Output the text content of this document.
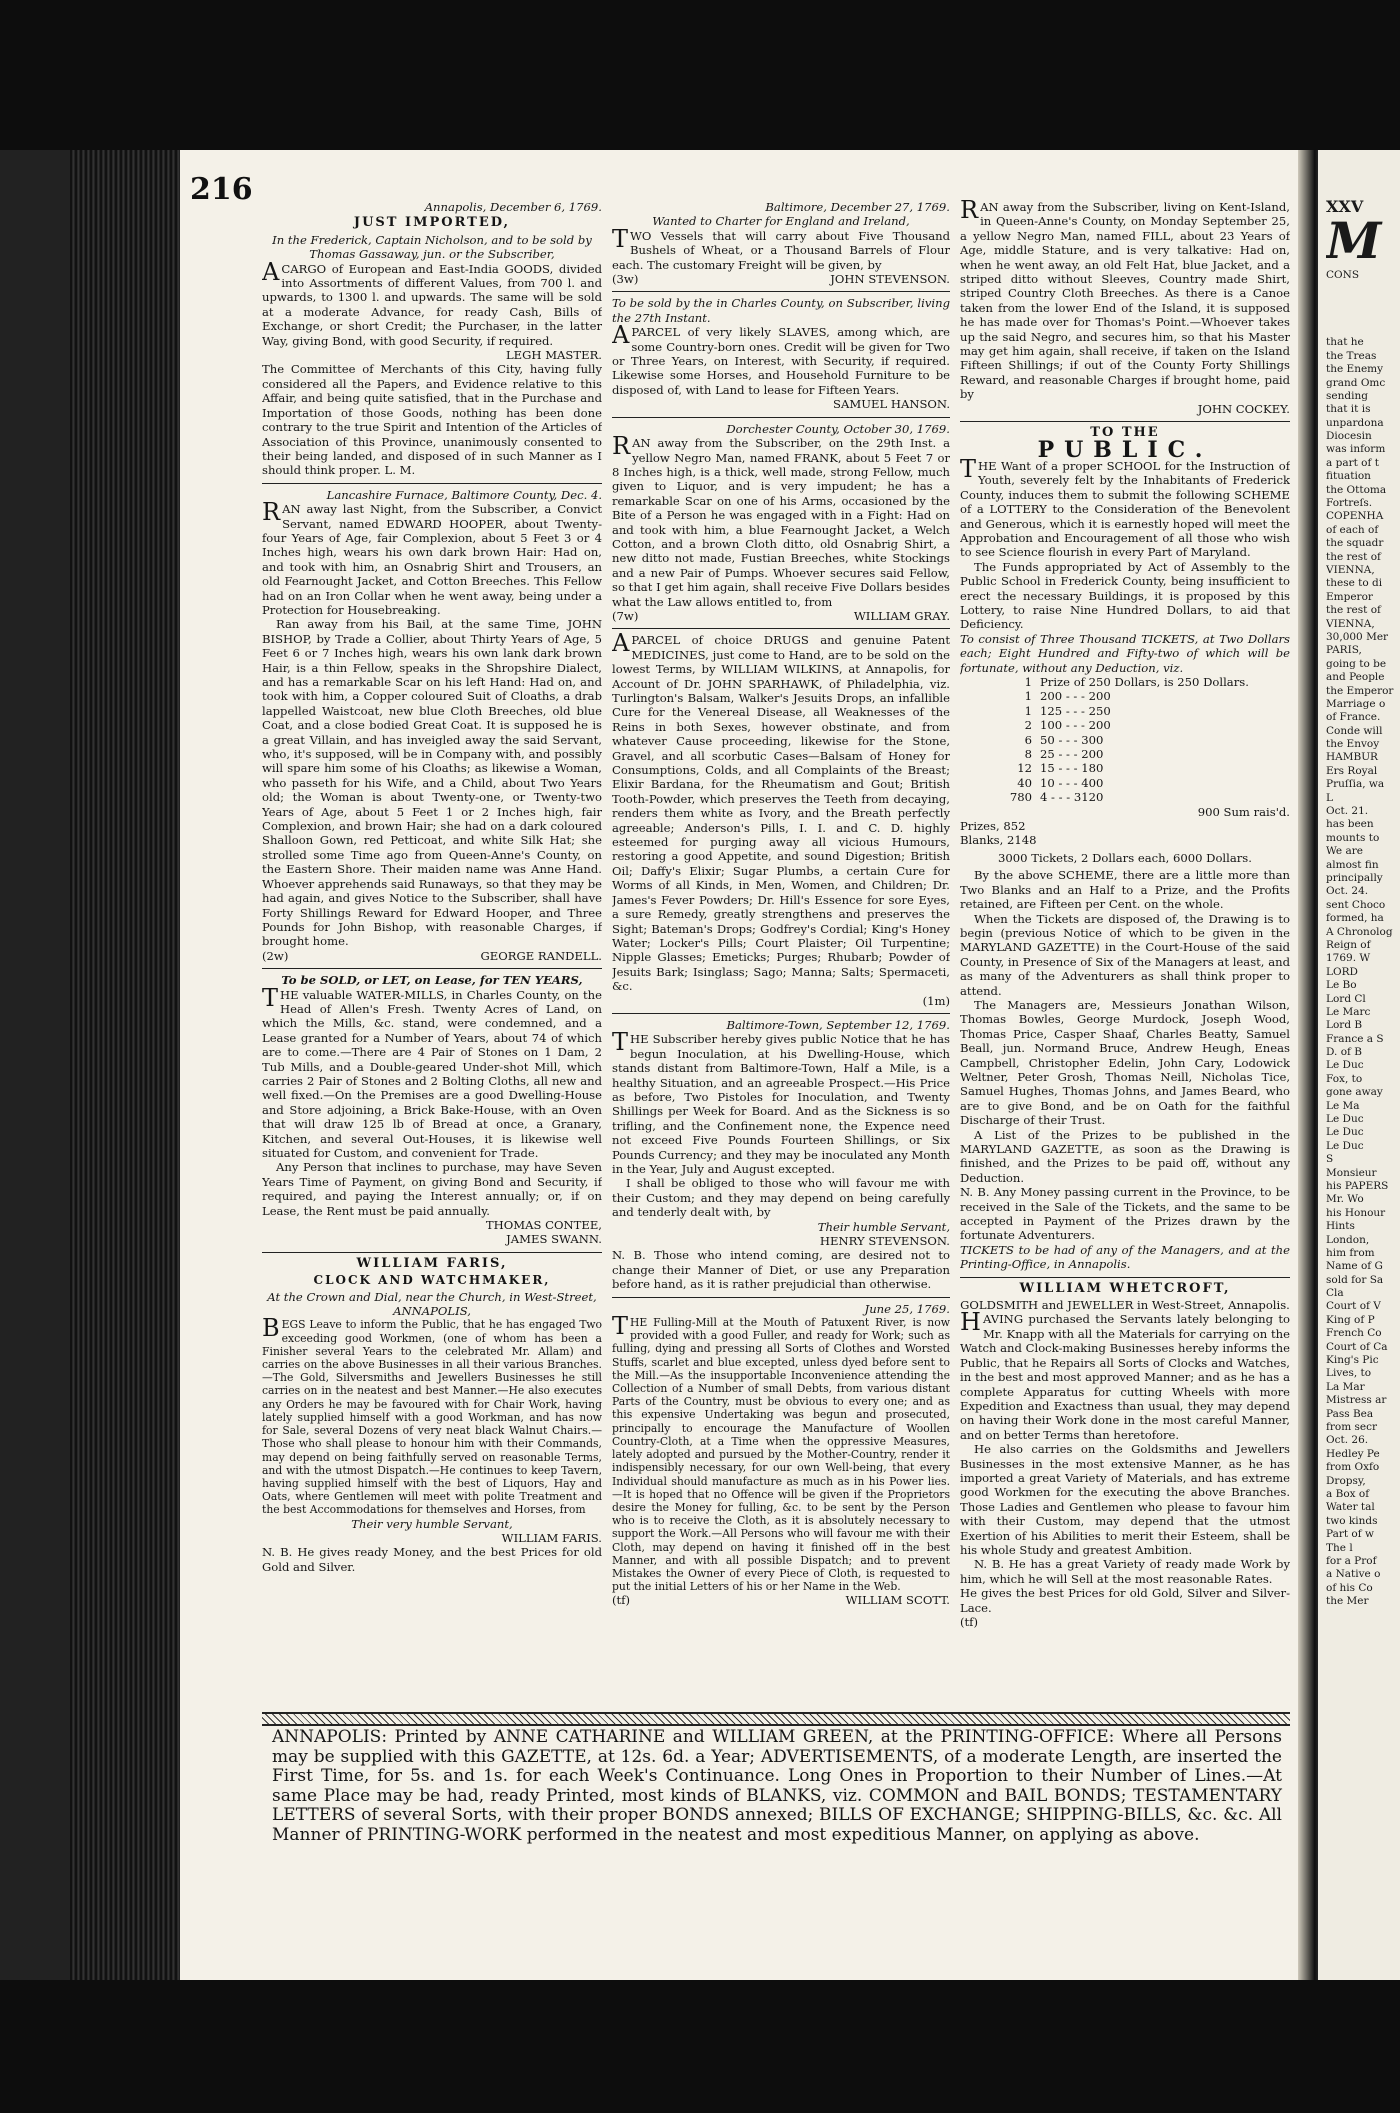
216	Annapolis, December 6, 1769.

JUST IMPORTED,

In the Frederick, Captain Nicholson, and to be sold by Thomas Gassaway, jun. or the Subscriber,

ACARGO of European and East-India GOODS, divided into Assortments of different Values, from 700 l. and upwards, to 1300 l. and upwards. The same will be sold at a moderate Advance, for ready Cash, Bills of Exchange, or short Credit; the Purchaser, in the latter Way, giving Bond, with good Security, if required.

LEGH MASTER.

The Committee of Merchants of this City, having fully considered all the Papers, and Evidence relative to this Affair, and being quite satisfied, that in the Purchase and Importation of those Goods, nothing has been done contrary to the true Spirit and Intention of the Articles of Association of this Province, unanimously consented to their being landed, and disposed of in such Manner as I should think proper. L. M.

Lancashire Furnace, Baltimore County, Dec. 4.

RAN away last Night, from the Subscriber, a Convict Servant, named EDWARD HOOPER, about Twenty-four Years of Age, fair Complexion, about 5 Feet 3 or 4 Inches high, wears his own dark brown Hair: Had on, and took with him, an Osnabrig Shirt and Trousers, an old Fearnought Jacket, and Cotton Breeches. This Fellow had on an Iron Collar when he went away, being under a Protection for Housebreaking.

Ran away from his Bail, at the same Time, JOHN BISHOP, by Trade a Collier, about Thirty Years of Age, 5 Feet 6 or 7 Inches high, wears his own lank dark brown Hair, is a thin Fellow, speaks in the Shropshire Dialect, and has a remarkable Scar on his left Hand: Had on, and took with him, a Copper coloured Suit of Cloaths, a drab lappelled Waistcoat, new blue Cloth Breeches, old blue Coat, and a close bodied Great Coat. It is supposed he is a great Villain, and has inveigled away the said Servant, who, it's supposed, will be in Company with, and possibly will spare him some of his Cloaths; as likewise a Woman, who passeth for his Wife, and a Child, about Two Years old; the Woman is about Twenty-one, or Twenty-two Years of Age, about 5 Feet 1 or 2 Inches high, fair Complexion, and brown Hair; she had on a dark coloured Shalloon Gown, red Petticoat, and white Silk Hat; she strolled some Time ago from Queen-Anne's County, on the Eastern Shore. Their maiden name was Anne Hand. Whoever apprehends said Runaways, so that they may be had again, and gives Notice to the Subscriber, shall have Forty Shillings Reward for Edward Hooper, and Three Pounds for John Bishop, with reasonable Charges, if brought home.

(2w)	GEORGE RANDELL.

To be SOLD, or LET, on Lease, for TEN YEARS,

THE valuable WATER-MILLS, in Charles County, on the Head of Allen's Fresh. Twenty Acres of Land, on which the Mills, &c. stand, were condemned, and a Lease granted for a Number of Years, about 74 of which are to come.—There are 4 Pair of Stones on 1 Dam, 2 Tub Mills, and a Double-geared Under-shot Mill, which carries 2 Pair of Stones and 2 Bolting Cloths, all new and well fixed.—On the Premises are a good Dwelling-House and Store adjoining, a Brick Bake-House, with an Oven that will draw 125 lb of Bread at once, a Granary, Kitchen, and several Out-Houses, it is likewise well situated for Custom, and convenient for Trade.

Any Person that inclines to purchase, may have Seven Years Time of Payment, on giving Bond and Security, if required, and paying the Interest annually; or, if on Lease, the Rent must be paid annually.

THOMAS CONTEE,

JAMES SWANN.

WILLIAM FARIS,

CLOCK AND WATCHMAKER,

At the Crown and Dial, near the Church, in West-Street, ANNAPOLIS,

BEGS Leave to inform the Public, that he has engaged Two exceeding good Workmen, (one of whom has been a Finisher several Years to the celebrated Mr. Allam) and carries on the above Businesses in all their various Branches.—The Gold, Silversmiths and Jewellers Businesses he still carries on in the neatest and best Manner.—He also executes any Orders he may be favoured with for Chair Work, having lately supplied himself with a good Workman, and has now for Sale, several Dozens of very neat black Walnut Chairs.—Those who shall please to honour him with their Commands, may depend on being faithfully served on reasonable Terms, and with the utmost Dispatch.—He continues to keep Tavern, having supplied himself with the best of Liquors, Hay and Oats, where Gentlemen will meet with polite Treatment and the best Accommodations for themselves and Horses, from

Their very humble Servant,

WILLIAM FARIS.

N. B. He gives ready Money, and the best Prices for old Gold and Silver.

Baltimore, December 27, 1769.

Wanted to Charter for England and Ireland,

TWO Vessels that will carry about Five Thousand Bushels of Wheat, or a Thousand Barrels of Flour each. The customary Freight will be given, by

(3w)	JOHN STEVENSON.

To be sold by the in Charles County, on Subscriber, living the 27th Instant.

APARCEL of very likely SLAVES, among which, are some Country-born ones. Credit will be given for Two or Three Years, on Interest, with Security, if required. Likewise some Horses, and Household Furniture to be disposed of, with Land to lease for Fifteen Years.

SAMUEL HANSON.

Dorchester County, October 30, 1769.

RAN away from the Subscriber, on the 29th Inst. a yellow Negro Man, named FRANK, about 5 Feet 7 or 8 Inches high, is a thick, well made, strong Fellow, much given to Liquor, and is very impudent; he has a remarkable Scar on one of his Arms, occasioned by the Bite of a Person he was engaged with in a Fight: Had on and took with him, a blue Fearnought Jacket, a Welch Cotton, and a brown Cloth ditto, old Osnabrig Shirt, a new ditto not made, Fustian Breeches, white Stockings and a new Pair of Pumps. Whoever secures said Fellow, so that I get him again, shall receive Five Dollars besides what the Law allows entitled to, from

(7w)	WILLIAM GRAY.

APARCEL of choice DRUGS and genuine Patent MEDICINES, just come to Hand, are to be sold on the lowest Terms, by WILLIAM WILKINS, at Annapolis, for Account of Dr. JOHN SPARHAWK, of Philadelphia, viz. Turlington's Balsam, Walker's Jesuits Drops, an infallible Cure for the Venereal Disease, all Weaknesses of the Reins in both Sexes, however obstinate, and from whatever Cause proceeding, likewise for the Stone, Gravel, and all scorbutic Cases—Balsam of Honey for Consumptions, Colds, and all Complaints of the Breast; Elixir Bardana, for the Rheumatism and Gout; British Tooth-Powder, which preserves the Teeth from decaying, renders them white as Ivory, and the Breath perfectly agreeable; Anderson's Pills, I. I. and C. D. highly esteemed for purging away all vicious Humours, restoring a good Appetite, and sound Digestion; British Oil; Daffy's Elixir; Sugar Plumbs, a certain Cure for Worms of all Kinds, in Men, Women, and Children; Dr. James's Fever Powders; Dr. Hill's Essence for sore Eyes, a sure Remedy, greatly strengthens and preserves the Sight; Bateman's Drops; Godfrey's Cordial; King's Honey Water; Locker's Pills; Court Plaister; Oil Turpentine; Nipple Glasses; Emeticks; Purges; Rhubarb; Powder of Jesuits Bark; Isinglass; Sago; Manna; Salts; Spermaceti, &c.

(1m)

Baltimore-Town, September 12, 1769.

THE Subscriber hereby gives public Notice that he has begun Inoculation, at his Dwelling-House, which stands distant from Baltimore-Town, Half a Mile, is a healthy Situation, and an agreeable Prospect.—His Price as before, Two Pistoles for Inoculation, and Twenty Shillings per Week for Board. And as the Sickness is so trifling, and the Confinement none, the Expence need not exceed Five Pounds Fourteen Shillings, or Six Pounds Currency; and they may be inoculated any Month in the Year, July and August excepted.

I shall be obliged to those who will favour me with their Custom; and they may depend on being carefully and tenderly dealt with, by

Their humble Servant,

HENRY STEVENSON.

N. B. Those who intend coming, are desired not to change their Manner of Diet, or use any Preparation before hand, as it is rather prejudicial than otherwise.

June 25, 1769.

THE Fulling-Mill at the Mouth of Patuxent River, is now provided with a good Fuller, and ready for Work; such as fulling, dying and pressing all Sorts of Clothes and Worsted Stuffs, scarlet and blue excepted, unless dyed before sent to the Mill.—As the insupportable Inconvenience attending the Collection of a Number of small Debts, from various distant Parts of the Country, must be obvious to every one; and as this expensive Undertaking was begun and prosecuted, principally to encourage the Manufacture of Woollen Country-Cloth, at a Time when the oppressive Measures, lately adopted and pursued by the Mother-Country, render it indispensibly necessary, for our own Well-being, that every Individual should manufacture as much as in his Power lies.—It is hoped that no Offence will be given if the Proprietors desire the Money for fulling, &c. to be sent by the Person who is to receive the Cloth, as it is absolutely necessary to support the Work.—All Persons who will favour me with their Cloth, may depend on having it finished off in the best Manner, and with all possible Dispatch; and to prevent Mistakes the Owner of every Piece of Cloth, is requested to put the initial Letters of his or her Name in the Web.

(tf)	WILLIAM SCOTT.

RAN away from the Subscriber, living on Kent-Island, in Queen-Anne's County, on Monday September 25, a yellow Negro Man, named FILL, about 23 Years of Age, middle Stature, and is very talkative: Had on, when he went away, an old Felt Hat, blue Jacket, and a striped ditto without Sleeves, Country made Shirt, striped Country Cloth Breeches. As there is a Canoe taken from the lower End of the Island, it is supposed he has made over for Thomas's Point.—Whoever takes up the said Negro, and secures him, so that his Master may get him again, shall receive, if taken on the Island Fifteen Shillings; if out of the County Forty Shillings Reward, and reasonable Charges if brought home, paid by

JOHN COCKEY.

TO THE

PUBLIC.

THE Want of a proper SCHOOL for the Instruction of Youth, severely felt by the Inhabitants of Frederick County, induces them to submit the following SCHEME of a LOTTERY to the Consideration of the Benevolent and Generous, which it is earnestly hoped will meet the Approbation and Encouragement of all those who wish to see Science flourish in every Part of Maryland.

The Funds appropriated by Act of Assembly to the Public School in Frederick County, being insufficient to erect the necessary Buildings, it is proposed by this Lottery, to raise Nine Hundred Dollars, to aid that Deficiency.

To consist of Three Thousand TICKETS, at Two Dollars each; Eight Hundred and Fifty-two of which will be fortunate, without any Deduction, viz.

1 Prize of 250 Dollars, is 250 Dollars.
1 200 - - - 200
1 125 - - - 250
2 100 - - - 200
6 50 - - - 300
8 25 - - - 200
12 15 - - - 180
40 10 - - - 400
780 4 - - - 3120

900 Sum rais'd.

Prizes, 852

Blanks, 2148

3000 Tickets, 2 Dollars each, 6000 Dollars.

By the above SCHEME, there are a little more than Two Blanks and an Half to a Prize, and the Profits retained, are Fifteen per Cent. on the whole.

When the Tickets are disposed of, the Drawing is to begin (previous Notice of which to be given in the MARYLAND GAZETTE) in the Court-House of the said County, in Presence of Six of the Managers at least, and as many of the Adventurers as shall think proper to attend.

The Managers are, Messieurs Jonathan Wilson, Thomas Bowles, George Murdock, Joseph Wood, Thomas Price, Casper Shaaf, Charles Beatty, Samuel Beall, jun. Normand Bruce, Andrew Heugh, Eneas Campbell, Christopher Edelin, John Cary, Lodowick Weltner, Peter Grosh, Thomas Neill, Nicholas Tice, Samuel Hughes, Thomas Johns, and James Beard, who are to give Bond, and be on Oath for the faithful Discharge of their Trust.

A List of the Prizes to be published in the MARYLAND GAZETTE, as soon as the Drawing is finished, and the Prizes to be paid off, without any Deduction.

N. B. Any Money passing current in the Province, to be received in the Sale of the Tickets, and the same to be accepted in Payment of the Prizes drawn by the fortunate Adventurers.

TICKETS to be had of any of the Managers, and at the Printing-Office, in Annapolis.

WILLIAM WHETCROFT,

GOLDSMITH and JEWELLER in West-Street, Annapolis.

HAVING purchased the Servants lately belonging to Mr. Knapp with all the Materials for carrying on the Watch and Clock-making Businesses hereby informs the Public, that he Repairs all Sorts of Clocks and Watches, in the best and most approved Manner; and as he has a complete Apparatus for cutting Wheels with more Expedition and Exactness than usual, they may depend on having their Work done in the most careful Manner, and on better Terms than heretofore.

He also carries on the Goldsmiths and Jewellers Businesses in the most extensive Manner, as he has imported a great Variety of Materials, and has extreme good Workmen for the executing the above Branches. Those Ladies and Gentlemen who please to favour him with their Custom, may depend that the utmost Exertion of his Abilities to merit their Esteem, shall be his whole Study and greatest Ambition.

N. B. He has a great Variety of ready made Work by him, which he will Sell at the most reasonable Rates.

He gives the best Prices for old Gold, Silver and Silver-Lace.

(tf)

ANNAPOLIS: Printed by ANNE CATHARINE and WILLIAM GREEN, at the PRINTING-OFFICE: Where all Persons may be supplied with this GAZETTE, at 12s. 6d. a Year; ADVERTISEMENTS, of a moderate Length, are inserted the First Time, for 5s. and 1s. for each Week's Continuance. Long Ones in Proportion to their Number of Lines.—At same Place may be had, ready Printed, most kinds of BLANKS, viz. COMMON and BAIL BONDS; TESTAMENTARY LETTERS of several Sorts, with their proper BONDS annexed; BILLS OF EXCHANGE; SHIPPING-BILLS, &c. &c. All Manner of PRINTING-WORK performed in the neatest and most expeditious Manner, on applying as above.
XXV
M
CONS
that he
the Treas
the Enemy
grand Omc
sending
that it is
unpardona
Diocesin
was inform
a part of t
fituation
the Ottoma
Fortreſs.
COPENHA
of each of
the squadr
the rest of
VIENNA,
these to di
Emperor
the rest of
VIENNA,
30,000 Mer
PARIS,
going to be
and People
the Emperor
Marriage o
of France.
Conde will
the Envoy
HAMBUR
Ers Royal
Pruſſia, wa
L
Oct. 21.
has been
mounts to
We are
almost fin
principally
Oct. 24.
sent Choco
formed, ha
A Chronolog
Reign of
1769. W
LORD
Le Bo
Lord Cl
Le Marc
Lord B
France a S
D. of B
Le Duc
Fox, to
gone away
Le Ma
Le Duc
Le Duc
Le Duc
S
Monsieur
his PAPERS
Mr. Wo
his Honour
Hints
London,
him from
Name of G
sold for Sa
Cla
Court of V
King of P
French Co
Court of Ca
King's Pic
Lives, to
La Mar
Mistress ar
Pass Bea
from secr
Oct. 26.
Hedley Pe
from Oxfo
Dropsy,
a Box of
Water tal
two kinds
Part of w
The l
for a Prof
a Native o
of his Co
the Mer
